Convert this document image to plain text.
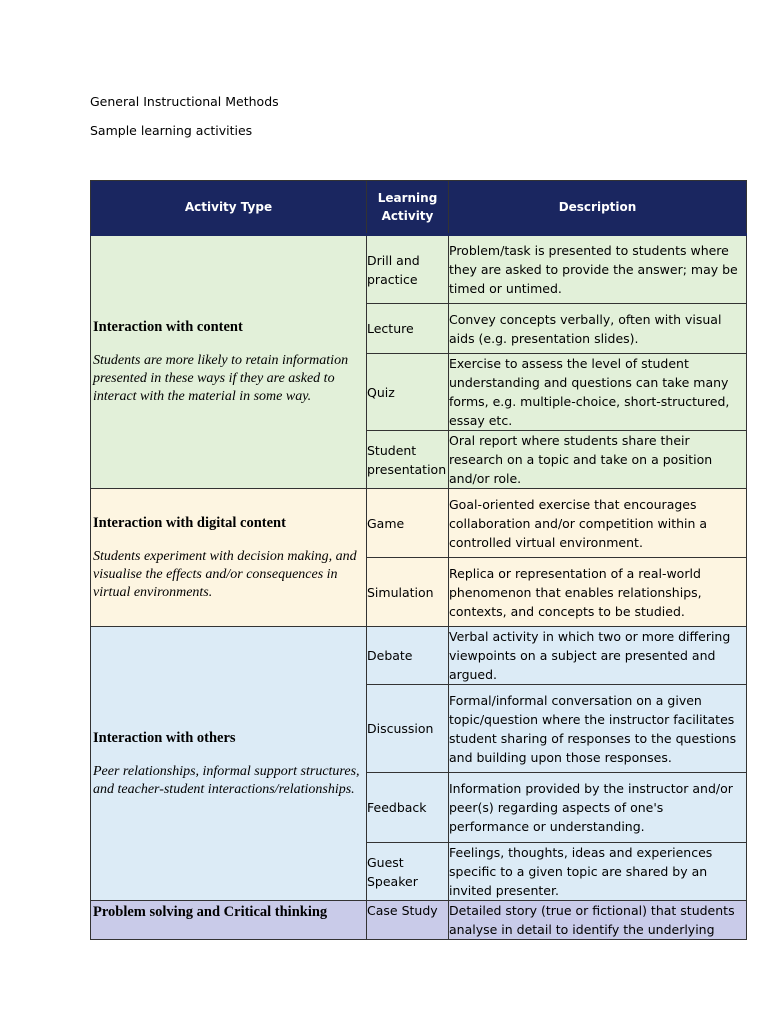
General Instructional Methods
Sample learning activities
Activity Type	Learning Activity	Description

Interaction with content
Students are more likely to retain information presented in these ways if they are asked to interact with the material in some way.	Drill and practice	Problem/task is presented to students where they are asked to provide the answer; may be timed or untimed.
	Lecture	Convey concepts verbally, often with visual aids (e.g. presentation slides).
	Quiz	Exercise to assess the level of student understanding and questions can take many forms, e.g. multiple-choice, short-structured, essay etc.
	Student presentation	Oral report where students share their research on a topic and take on a position and/or role.

Interaction with digital content
Students experiment with decision making, and visualise the effects and/or consequences in virtual environments.	Game	Goal-oriented exercise that encourages collaboration and/or competition within a controlled virtual environment.
	Simulation	Replica or representation of a real-world phenomenon that enables relationships, contexts, and concepts to be studied.

Interaction with others
Peer relationships, informal support structures, and teacher-student interactions/relationships.	Debate	Verbal activity in which two or more differing viewpoints on a subject are presented and argued.
	Discussion	Formal/informal conversation on a given topic/question where the instructor facilitates student sharing of responses to the questions and building upon those responses.
	Feedback	Information provided by the instructor and/or peer(s) regarding aspects of one's performance or understanding.
	Guest Speaker	Feelings, thoughts, ideas and experiences specific to a given topic are shared by an invited presenter.

Problem solving and Critical thinking	Case Study	Detailed story (true or fictional) that students analyse in detail to identify the underlying
